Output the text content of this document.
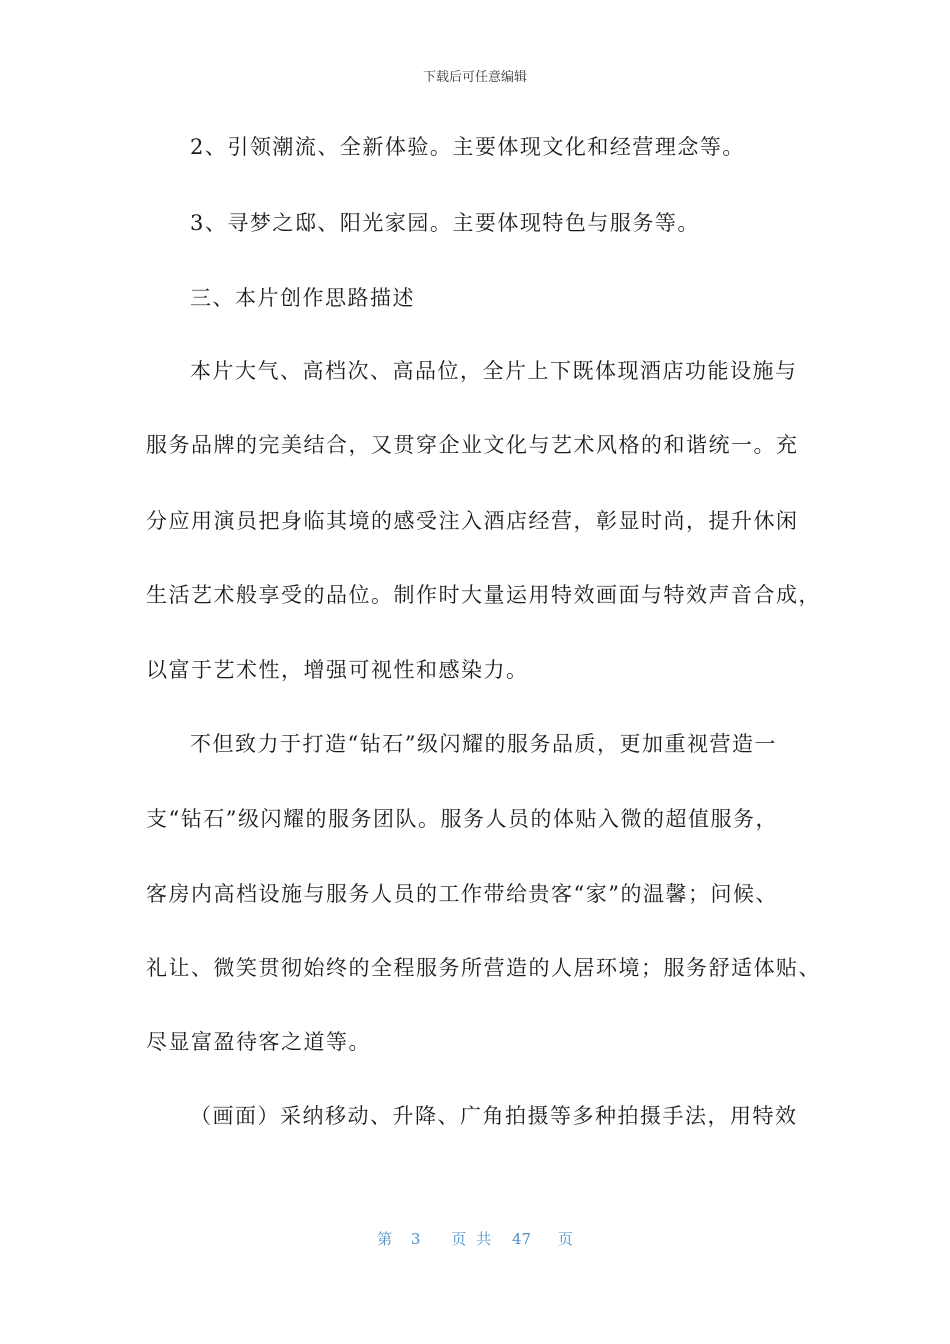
下载后可任意编辑
2、引领潮流、全新体验。主要体现文化和经营理念等。
3、寻梦之邸、阳光家园。主要体现特色与服务等。
三、本片创作思路描述
本片大气、高档次、高品位，全片上下既体现酒店功能设施与
服务品牌的完美结合，又贯穿企业文化与艺术风格的和谐统一。充
分应用演员把身临其境的感受注入酒店经营，彰显时尚，提升休闲
生活艺术般享受的品位。制作时大量运用特效画面与特效声音合成，
以富于艺术性，增强可视性和感染力。
不但致力于打造“钻石”级闪耀的服务品质，更加重视营造一
支“钻石”级闪耀的服务团队。服务人员的体贴入微的超值服务，
客房内高档设施与服务人员的工作带给贵客“家”的温馨；问候、
礼让、微笑贯彻始终的全程服务所营造的人居环境；服务舒适体贴、
尽显富盈待客之道等。
（画面）采纳移动、升降、广角拍摄等多种拍摄手法，用特效
第 3 页共 47 页
